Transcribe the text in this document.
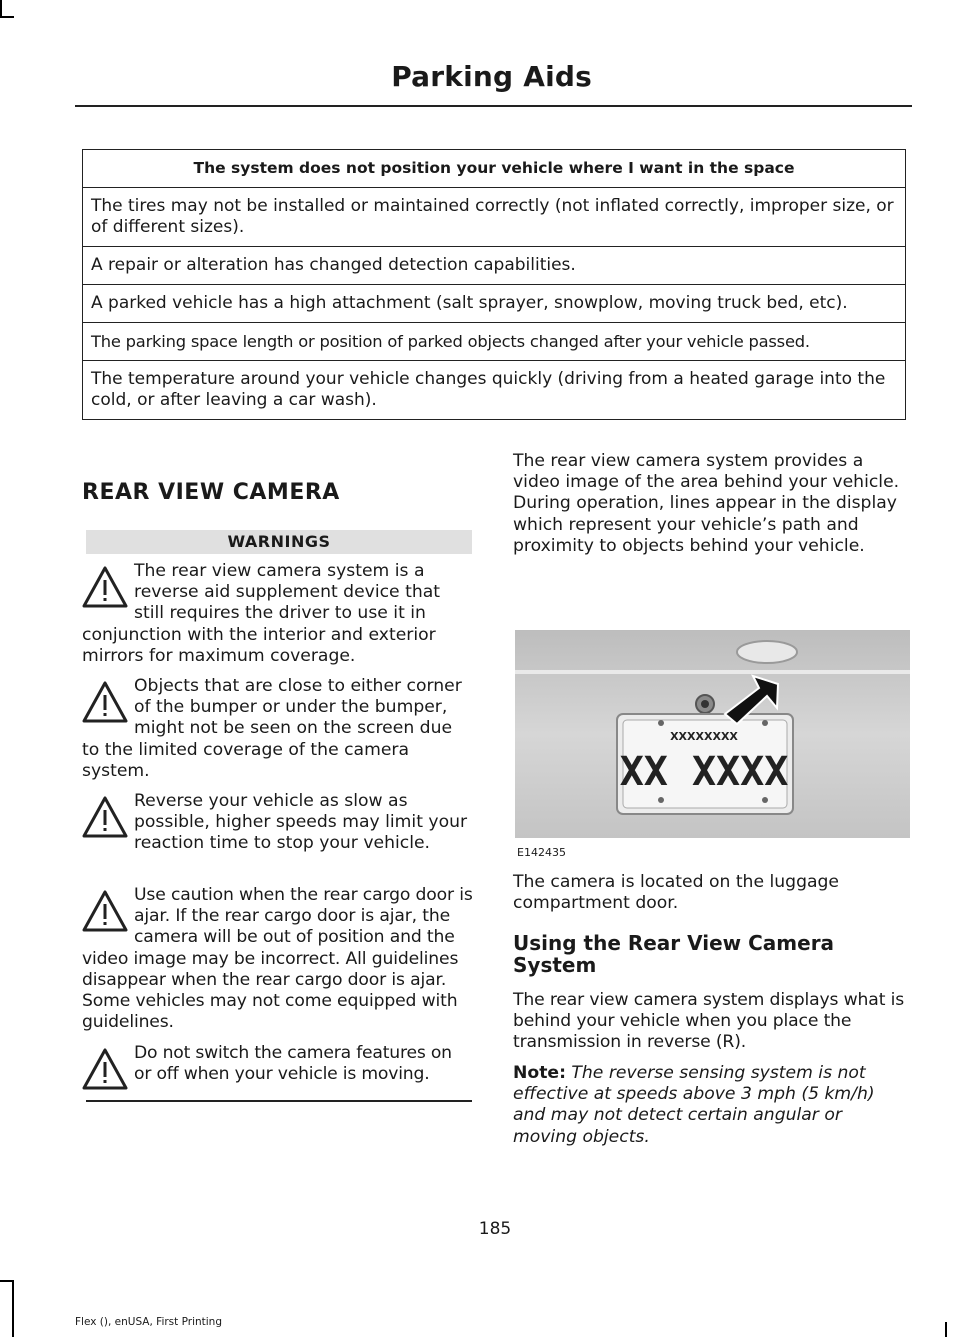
Parking Aids
The system does not position your vehicle where I want in the space
The tires may not be installed or maintained correctly (not inflated correctly, improper size, or of different sizes).
A repair or alteration has changed detection capabilities.
A parked vehicle has a high attachment (salt sprayer, snowplow, moving truck bed, etc).
The parking space length or position of parked objects changed after your vehicle passed.
The temperature around your vehicle changes quickly (driving from a heated garage into the cold, or after leaving a car wash).
REAR VIEW CAMERA
WARNINGS
The rear view camera system is a reverse aid supplement device that still requires the driver to use it in conjunction with the interior and exterior mirrors for maximum coverage.
Objects that are close to either corner of the bumper or under the bumper, might not be seen on the screen due to the limited coverage of the camera system.
Reverse your vehicle as slow as possible, higher speeds may limit your reaction time to stop your vehicle.
Use caution when the rear cargo door is ajar. If the rear cargo door is ajar, the camera will be out of position and the video image may be incorrect. All guidelines disappear when the rear cargo door is ajar. Some vehicles may not come equipped with guidelines.
Do not switch the camera features on or off when your vehicle is moving.
The rear view camera system provides a video image of the area behind your vehicle. During operation, lines appear in the display which represent your vehicle’s path and proximity to objects behind your vehicle.
XXXXXXXX
XX XXXX
E142435
The camera is located on the luggage compartment door.
Using the Rear View Camera System
The rear view camera system displays what is behind your vehicle when you place the transmission in reverse (R).
Note: The reverse sensing system is not effective at speeds above 3 mph (5 km/h) and may not detect certain angular or moving objects.
185
Flex (), enUSA, First Printing
